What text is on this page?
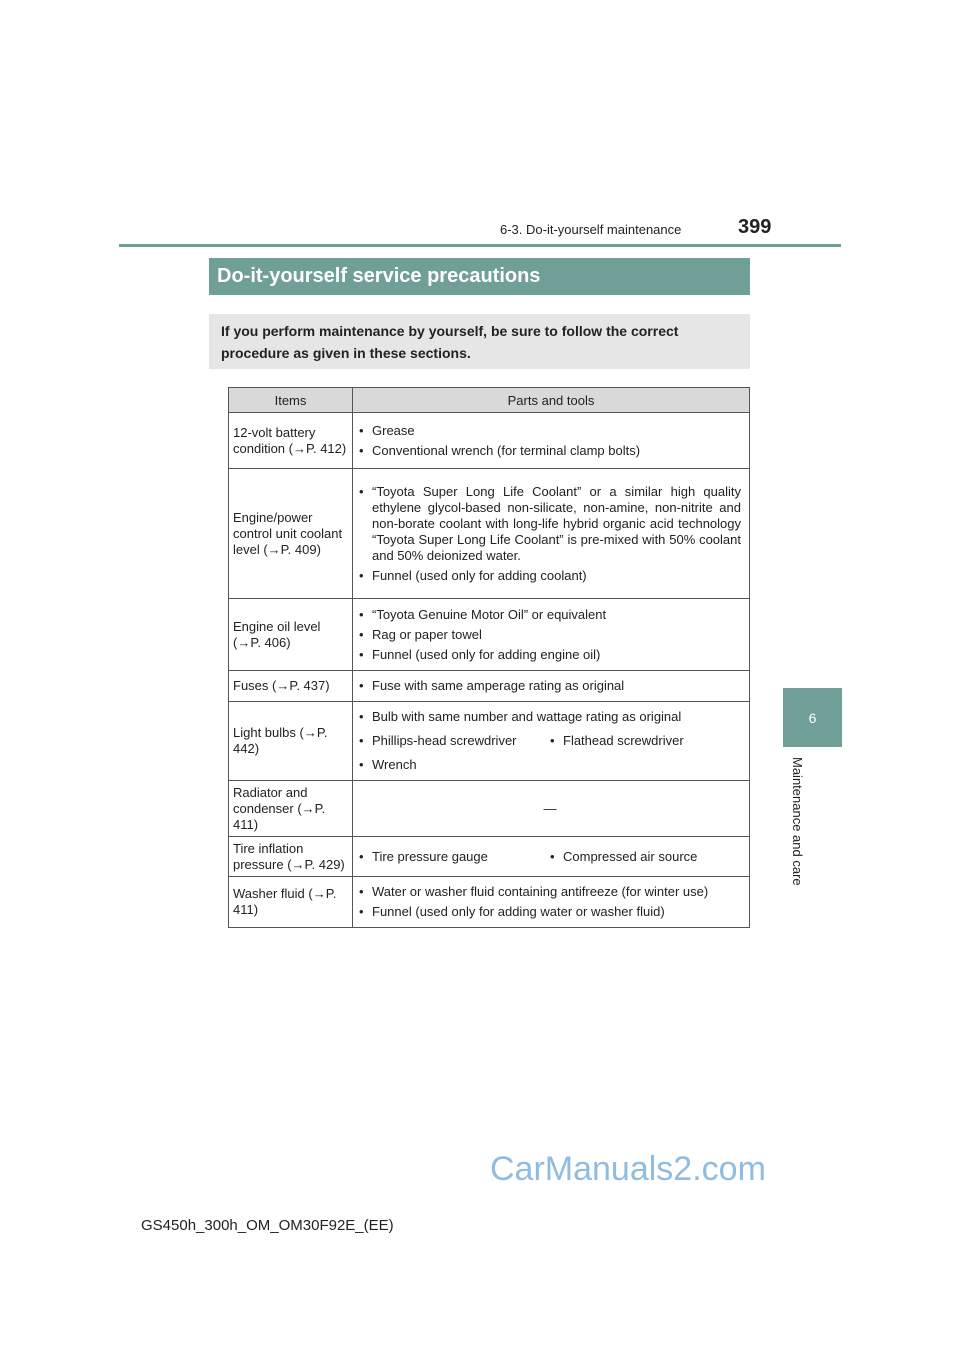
6-3. Do-it-yourself maintenance	399
6
Maintenance and care
Do-it-yourself service precautions
If you perform maintenance by yourself, be sure to follow the correct procedure as given in these sections.
Items	Parts and tools
12-volt battery condition (→P. 412)	• Grease
• Conventional wrench (for terminal clamp bolts)

Engine/power control unit coolant level (→P. 409)	• “Toyota Super Long Life Coolant” or a similar high quality ethylene glycol-based non-silicate, non-amine, non-nitrite and non-borate coolant with long-life hybrid organic acid technology “Toyota Super Long Life Coolant” is pre-mixed with 50% coolant and 50% deionized water.
• Funnel (used only for adding coolant)

Engine oil level (→P. 406)	• “Toyota Genuine Motor Oil” or equivalent
• Rag or paper towel
• Funnel (used only for adding engine oil)

Fuses (→P. 437)	• Fuse with same amperage rating as original

Light bulbs (→P. 442)	• Bulb with same number and wattage rating as original
• Phillips-head screwdriver • Flathead screwdriver
• Wrench

Radiator and condenser (→P. 411)	—
Tire inflation pressure (→P. 429)	• Tire pressure gauge • Compressed air source

Washer fluid (→P. 411)	• Water or washer fluid containing antifreeze (for winter use)
• Funnel (used only for adding water or washer fluid)
CarManuals2.com
GS450h_300h_OM_OM30F92E_(EE)
